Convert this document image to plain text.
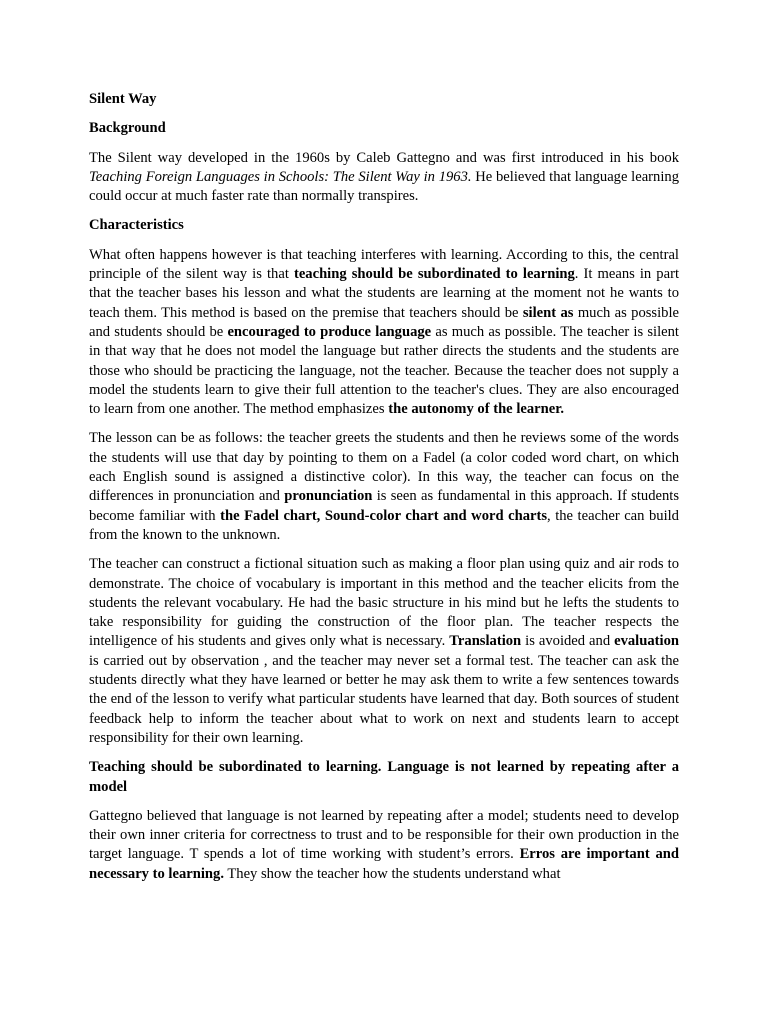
Silent Way
Background
The Silent way developed in the 1960s by Caleb Gattegno and was first introduced in his book Teaching Foreign Languages in Schools: The Silent Way in 1963. He believed that language learning could occur at much faster rate than normally transpires.
Characteristics
What often happens however is that teaching interferes with learning. According to this, the central principle of the silent way is that teaching should be subordinated to learning. It means in part that the teacher bases his lesson and what the students are learning at the moment not he wants to teach them. This method is based on the premise that teachers should be silent as much as possible and students should be encouraged to produce language as much as possible. The teacher is silent in that way that he does not model the language but rather directs the students and the students are those who should be practicing the language, not the teacher. Because the teacher does not supply a model the students learn to give their full attention to the teacher's clues. They are also encouraged to learn from one another. The method emphasizes the autonomy of the learner.
The lesson can be as follows: the teacher greets the students and then he reviews some of the words the students will use that day by pointing to them on a Fadel (a color coded word chart, on which each English sound is assigned a distinctive color). In this way, the teacher can focus on the differences in pronunciation and pronunciation is seen as fundamental in this approach. If students become familiar with the Fadel chart, Sound-color chart and word charts, the teacher can build from the known to the unknown.
The teacher can construct a fictional situation such as making a floor plan using quiz and air rods to demonstrate. The choice of vocabulary is important in this method and the teacher elicits from the students the relevant vocabulary. He had the basic structure in his mind but he lefts the students to take responsibility for guiding the construction of the floor plan. The teacher respects the intelligence of his students and gives only what is necessary. Translation is avoided and evaluation is carried out by observation , and the teacher may never set a formal test. The teacher can ask the students directly what they have learned or better he may ask them to write a few sentences towards the end of the lesson to verify what particular students have learned that day. Both sources of student feedback help to inform the teacher about what to work on next and students learn to accept responsibility for their own learning.
Teaching should be subordinated to learning. Language is not learned by repeating after a model
Gattegno believed that language is not learned by repeating after a model; students need to develop their own inner criteria for correctness to trust and to be responsible for their own production in the target language. T spends a lot of time working with student’s errors. Erros are important and necessary to learning. They show the teacher how the students understand what
